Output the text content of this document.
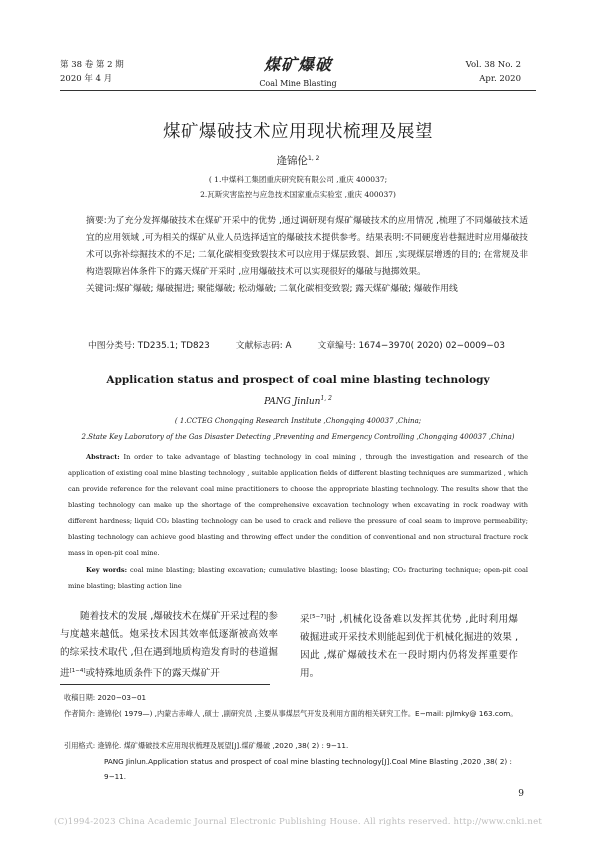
第 38 卷 第 2 期
2020 年 4 月
煤矿爆破
Coal Mine Blasting
Vol. 38 No. 2
Apr. 2020
煤矿爆破技术应用现状梳理及展望
逄锦伦$^{1, 2}$
( 1.中煤科工集团重庆研究院有限公司 ,重庆 400037;
2.瓦斯灾害监控与应急技术国家重点实验室 ,重庆 400037)
摘要:为了充分发挥爆破技术在煤矿开采中的优势 ,通过调研现有煤矿爆破技术的应用情况 ,梳理了不同爆破技术适宜的应用领域 ,可为相关的煤矿从业人员选择适宜的爆破技术提供参考。结果表明:不同硬度岩巷掘进时应用爆破技术可以弥补综掘技术的不足; 二氧化碳相变致裂技术可以应用于煤层致裂、卸压 ,实现煤层增透的目的; 在常规及非构造裂隙岩体条件下的露天煤矿开采时 ,应用爆破技术可以实现很好的爆破与抛掷效果。
关键词:煤矿爆破; 爆破掘进; 聚能爆破; 松动爆破; 二氧化碳相变致裂; 露天煤矿爆破; 爆破作用线
中图分类号: TD235.1; TD823	文献标志码: A	文章编号: 1674−3970( 2020) 02−0009−03
Application status and prospect of coal mine blasting technology
PANG Jinlun$^{1, 2}$
( 1.CCTEG Chongqing Research Institute ,Chongqing 400037 ,China;
2.State Key Laboratory of the Gas Disaster Detecting ,Preventing and Emergency Controlling ,Chongqing 400037 ,China)
Abstract: In order to take advantage of blasting technology in coal mining , through the investigation and research of the application of existing coal mine blasting technology , suitable application fields of different blasting techniques are summarized , which can provide reference for the relevant coal mine practitioners to choose the appropriate blasting technology. The results show that the blasting technology can make up the shortage of the comprehensive excavation technology when excavating in rock roadway with different hardness; liquid CO₂ blasting technology can be used to crack and relieve the pressure of coal seam to improve permeability; blasting technology can achieve good blasting and throwing effect under the condition of conventional and non structural fracture rock mass in open-pit coal mine.
Key words: coal mine blasting; blasting excavation; cumulative blasting; loose blasting; CO₂ fracturing technique; open-pit coal mine blasting; blasting action line
随着技术的发展 ,爆破技术在煤矿开采过程的参与度越来越低。炮采技术因其效率低逐渐被高效率的综采技术取代 ,但在遇到地质构造发育时的巷道掘进[1−4]或特殊地质条件下的露天煤矿开
采[5−7]时 ,机械化设备难以发挥其优势 ,此时利用爆破掘进或开采技术则能起到优于机械化掘进的效果 ,因此 ,煤矿爆破技术在一段时期内仍将发挥重要作用。
收稿日期: 2020−03−01
作者简介: 逄锦伦( 1979—) ,内蒙古赤峰人 ,硕士 ,副研究员 ,主要从事煤层气开发及利用方面的相关研究工作。E−mail: pjlmky@ 163.com。
引用格式: 逄锦伦. 煤矿爆破技术应用现状梳理及展望[J].煤矿爆破 ,2020 ,38( 2) : 9−11.
PANG Jinlun.Application status and prospect of coal mine blasting technology[J].Coal Mine Blasting ,2020 ,38( 2) : 9−11.
9
(C)1994-2023 China Academic Journal Electronic Publishing House. All rights reserved. http://www.cnki.net
